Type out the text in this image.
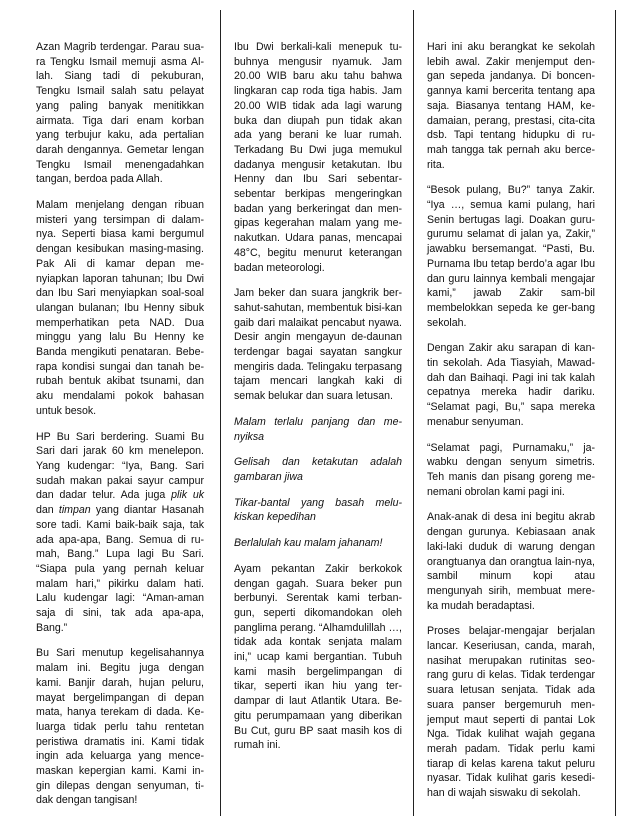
Azan Magrib terdengar. Parau sua-ra Tengku Ismail memuji asma Al-lah. Siang tadi di pekuburan, Tengku Ismail salah satu pelayat yang paling banyak menitikkan airmata. Tiga dari enam korban yang terbujur kaku, ada pertalian darah dengannya. Gemetar lengan Tengku Ismail menengadahkan tangan, berdoa pada Allah.

Malam menjelang dengan ribuan misteri yang tersimpan di dalam-nya. Seperti biasa kami bergumul dengan kesibukan masing-masing. Pak Ali di kamar depan me-nyiapkan laporan tahunan; Ibu Dwi dan Ibu Sari menyiapkan soal-soal ulangan bulanan; Ibu Henny sibuk memperhatikan peta NAD. Dua minggu yang lalu Bu Henny ke Banda mengikuti penataran. Bebe-rapa kondisi sungai dan tanah be-rubah bentuk akibat tsunami, dan aku mendalami pokok bahasan untuk besok.

HP Bu Sari berdering. Suami Bu Sari dari jarak 60 km menelepon. Yang kudengar: “Iya, Bang. Sari sudah makan pakai sayur campur dan dadar telur. Ada juga plik uk dan timpan yang diantar Hasanah sore tadi. Kami baik-baik saja, tak ada apa-apa, Bang. Semua di ru-mah, Bang.” Lupa lagi Bu Sari. “Siapa pula yang pernah keluar malam hari,” pikirku dalam hati. Lalu kudengar lagi: “Aman-aman saja di sini, tak ada apa-apa, Bang.”

Bu Sari menutup kegelisahannya malam ini. Begitu juga dengan kami. Banjir darah, hujan peluru, mayat bergelimpangan di depan mata, hanya terekam di dada. Ke-luarga tidak perlu tahu rentetan peristiwa dramatis ini. Kami tidak ingin ada keluarga yang mence-maskan kepergian kami. Kami in-gin dilepas dengan senyuman, ti-dak dengan tangisan!

Ibu Dwi berkali-kali menepuk tu-buhnya mengusir nyamuk. Jam 20.00 WIB baru aku tahu bahwa lingkaran cap roda tiga habis. Jam 20.00 WIB tidak ada lagi warung buka dan diupah pun tidak akan ada yang berani ke luar rumah. Terkadang Bu Dwi juga memukul dadanya mengusir ketakutan. Ibu Henny dan Ibu Sari sebentar-sebentar berkipas mengeringkan badan yang berkeringat dan men-gipas kegerahan malam yang me-nakutkan. Udara panas, mencapai 48°C, begitu menurut keterangan badan meteorologi.

Jam beker dan suara jangkrik ber-sahut-sahutan, membentuk bisi-kan gaib dari malaikat pencabut nyawa. Desir angin mengayun de-daunan terdengar bagai sayatan sangkur mengiris dada. Telingaku terpasang tajam mencari langkah kaki di semak belukar dan suara letusan.

Malam terlalu panjang dan me-nyiksa

Gelisah dan ketakutan adalah gambaran jiwa

Tikar-bantal yang basah melu-kiskan kepedihan

Berlalulah kau malam jahanam!

Ayam pekantan Zakir berkokok dengan gagah. Suara beker pun berbunyi. Serentak kami terban-gun, seperti dikomandokan oleh panglima perang. “Alhamdulillah …, tidak ada kontak senjata malam ini,” ucap kami bergantian. Tubuh kami masih bergelimpangan di tikar, seperti ikan hiu yang ter-dampar di laut Atlantik Utara. Be-gitu perumpamaan yang diberikan Bu Cut, guru BP saat masih kos di rumah ini.

Hari ini aku berangkat ke sekolah lebih awal. Zakir menjemput den-gan sepeda jandanya. Di boncen-gannya kami bercerita tentang apa saja. Biasanya tentang HAM, ke-damaian, perang, prestasi, cita-cita dsb. Tapi tentang hidupku di ru-mah tangga tak pernah aku berce-rita.

“Besok pulang, Bu?” tanya Zakir. “Iya …, semua kami pulang, hari Senin bertugas lagi. Doakan guru-gurumu selamat di jalan ya, Zakir,” jawabku bersemangat. “Pasti, Bu. Purnama Ibu tetap berdo’a agar Ibu dan guru lainnya kembali mengajar kami,” jawab Zakir sam-bil membelokkan sepeda ke ger-bang sekolah.

Dengan Zakir aku sarapan di kan-tin sekolah. Ada Tiasyiah, Mawad-dah dan Baihaqi. Pagi ini tak kalah cepatnya mereka hadir dariku. “Selamat pagi, Bu,” sapa mereka menabur senyuman.

“Selamat pagi, Purnamaku,” ja-wabku dengan senyum simetris. Teh manis dan pisang goreng me-nemani obrolan kami pagi ini.

Anak-anak di desa ini begitu akrab dengan gurunya. Kebiasaan anak laki-laki duduk di warung dengan orangtuanya dan orangtua lain-nya, sambil minum kopi atau mengunyah sirih, membuat mere-ka mudah beradaptasi.

Proses belajar-mengajar berjalan lancar. Keseriusan, canda, marah, nasihat merupakan rutinitas seo-rang guru di kelas. Tidak terdengar suara letusan senjata. Tidak ada suara panser bergemuruh men-jemput maut seperti di pantai Lok Nga. Tidak kulihat wajah gegana merah padam. Tidak perlu kami tiarap di kelas karena takut peluru nyasar. Tidak kulihat garis kesedi-han di wajah siswaku di sekolah.
